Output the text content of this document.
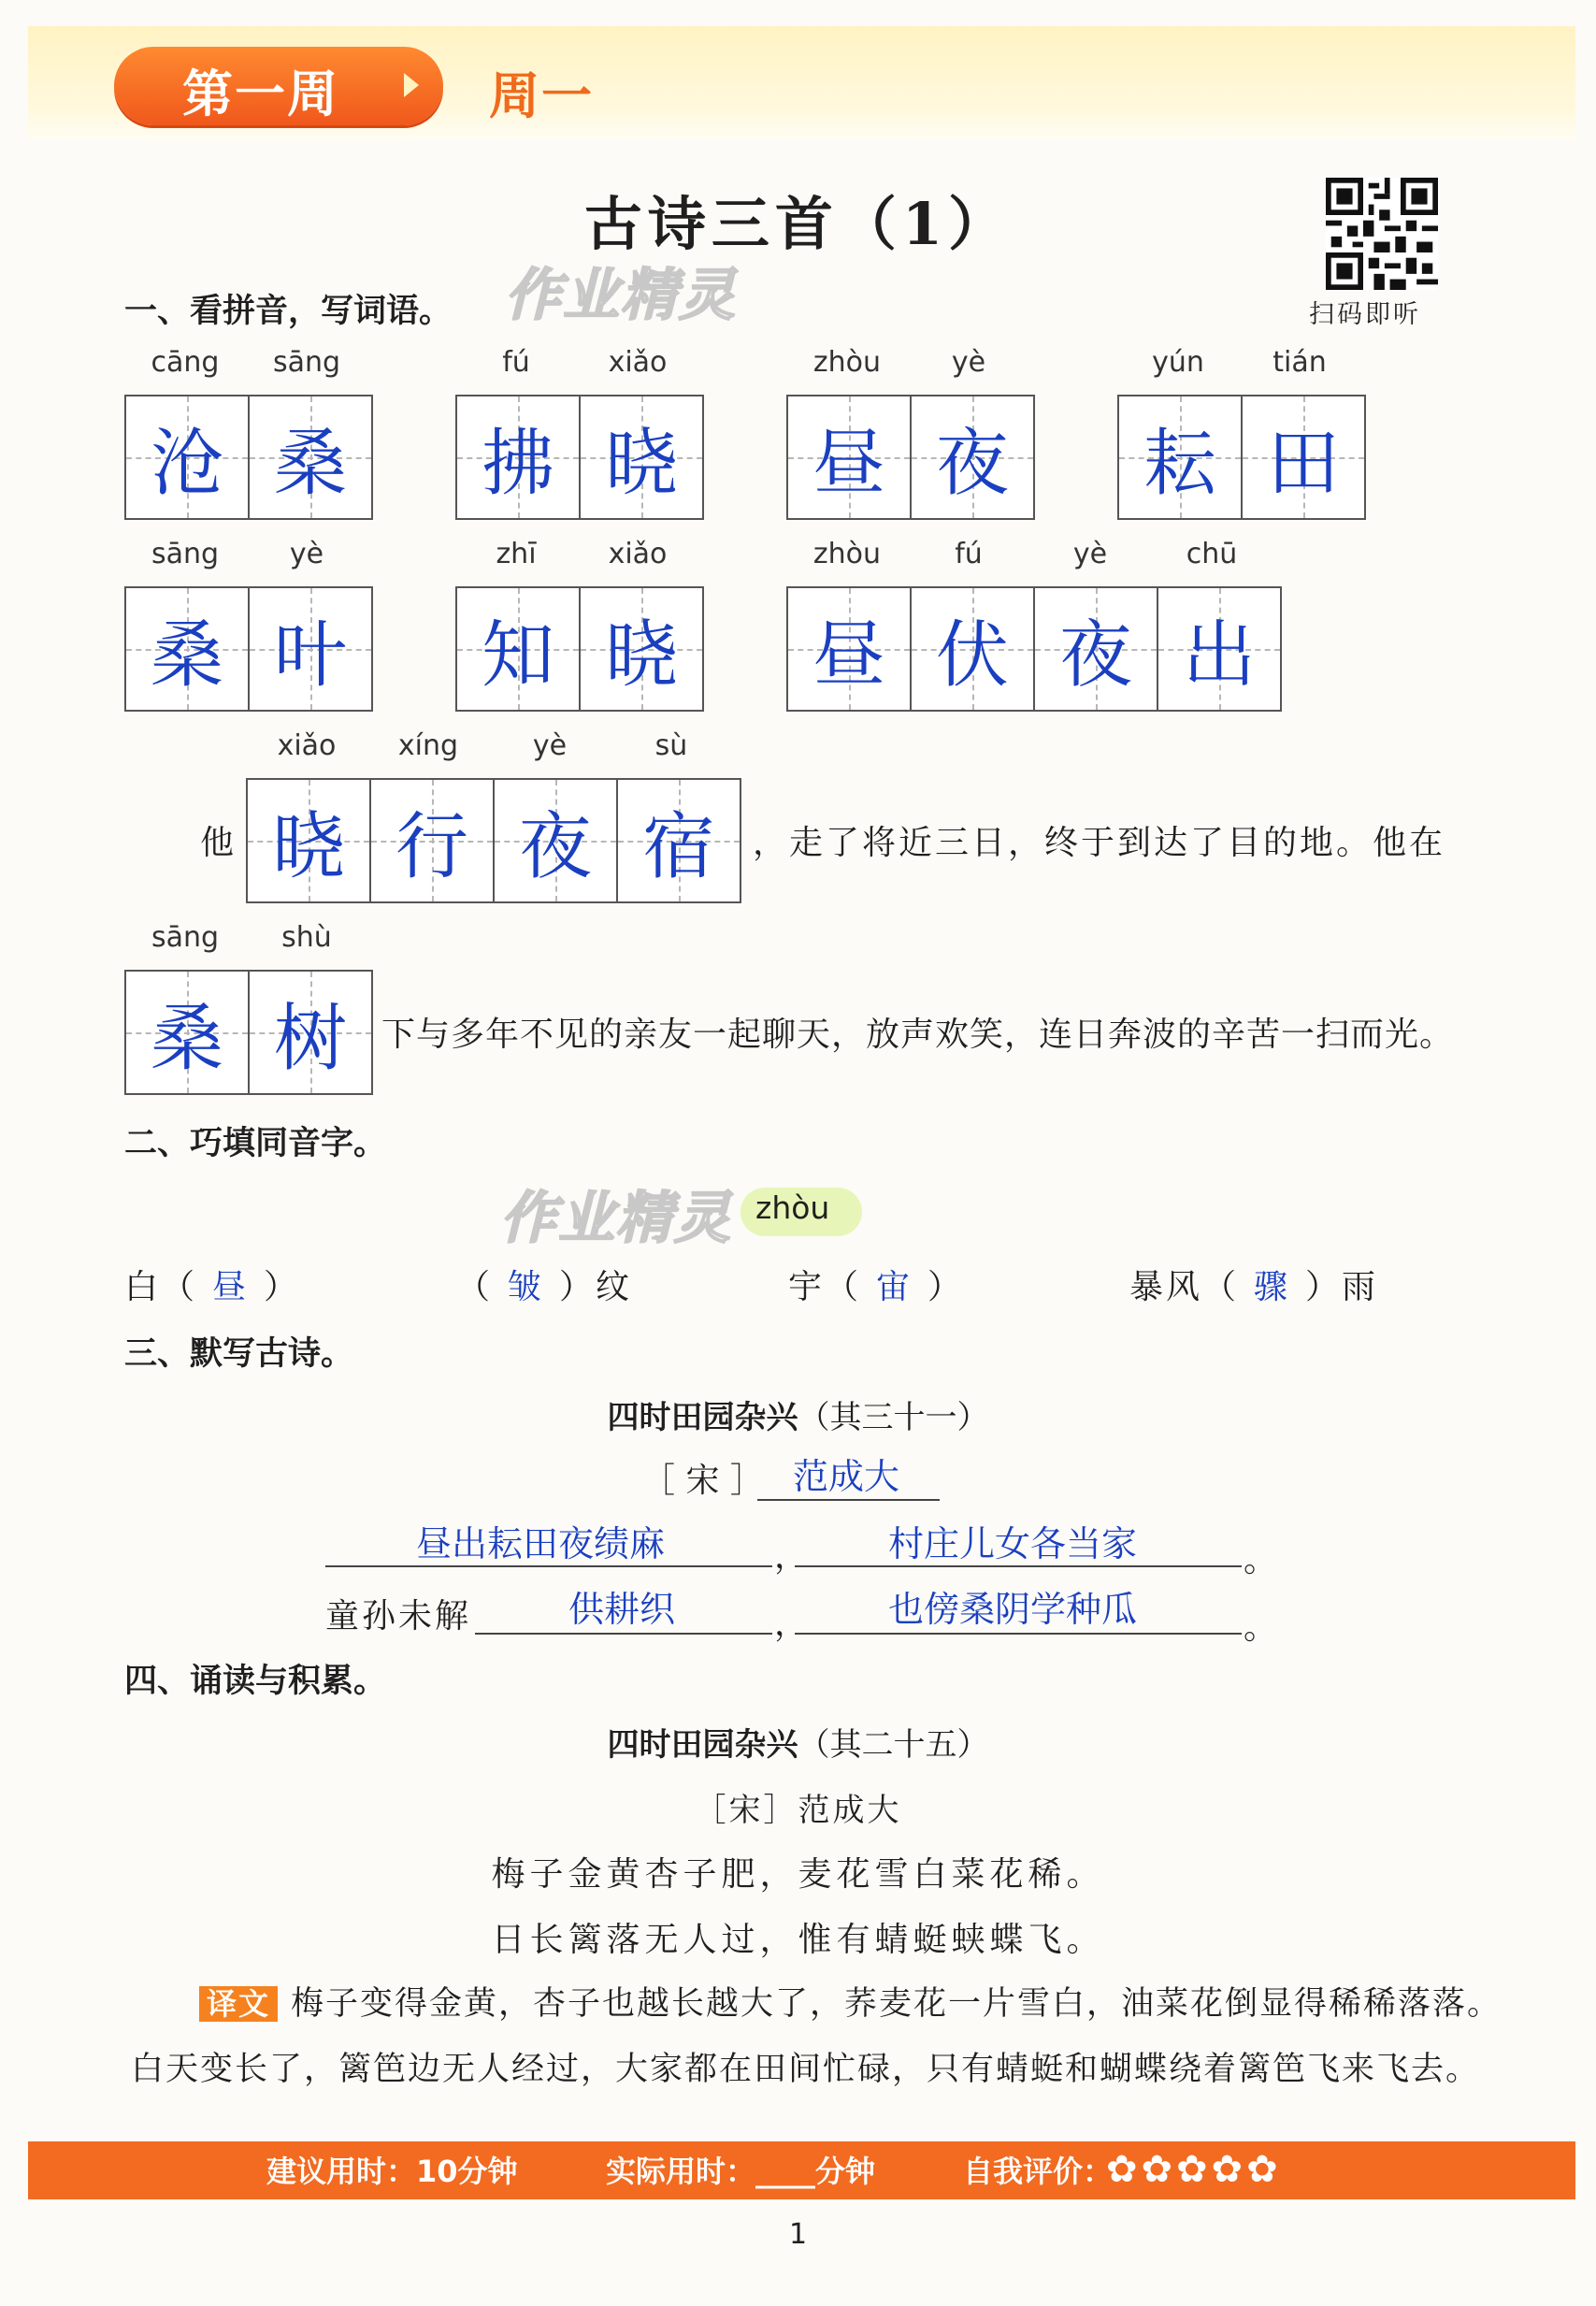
第一周	周一
古诗三首（1）
扫码即听
作业精灵
作业精灵
一、看拼音，写词语。
cāng	sāng
沧 桑
fú	xiǎo
拂 晓
zhòu	yè
昼 夜
yún	tián
耘 田
sāng	yè
桑 叶
zhī	xiǎo
知 晓
zhòu	fú	yè	chū
昼 伏 夜 出
他
xiǎo	xíng	yè	sù
晓 行 夜 宿 ，走了将近三日，终于到达了目的地。他在
sāng	shù
桑 树 下与多年不见的亲友一起聊天，放声欢笑，连日奔波的辛苦一扫而光。
二、巧填同音字。
zhòu
白（ 昼 ）	（ 皱 ）纹	宇（ 宙 ）	暴风（ 骤 ）雨
三、默写古诗。
四时田园杂兴（其三十一）
［ 宋 ］ 范成大
昼出耘田夜绩麻	， 村庄儿女各当家	。
童孙未解	供耕织	， 也傍桑阴学种瓜	。
四、诵读与积累。
四时田园杂兴（其二十五）
［宋］范成大
梅子金黄杏子肥，麦花雪白菜花稀。
日长篱落无人过，惟有蜻蜓蛱蝶飞。
译文 梅子变得金黄，杏子也越长越大了，荞麦花一片雪白，油菜花倒显得稀稀落落。
白天变长了，篱笆边无人经过，大家都在田间忙碌，只有蜻蜓和蝴蝶绕着篱笆飞来飞去。
建议用时：10分钟	实际用时：____分钟	自我评价：
✿ ✿ ✿ ✿ ✿
1
